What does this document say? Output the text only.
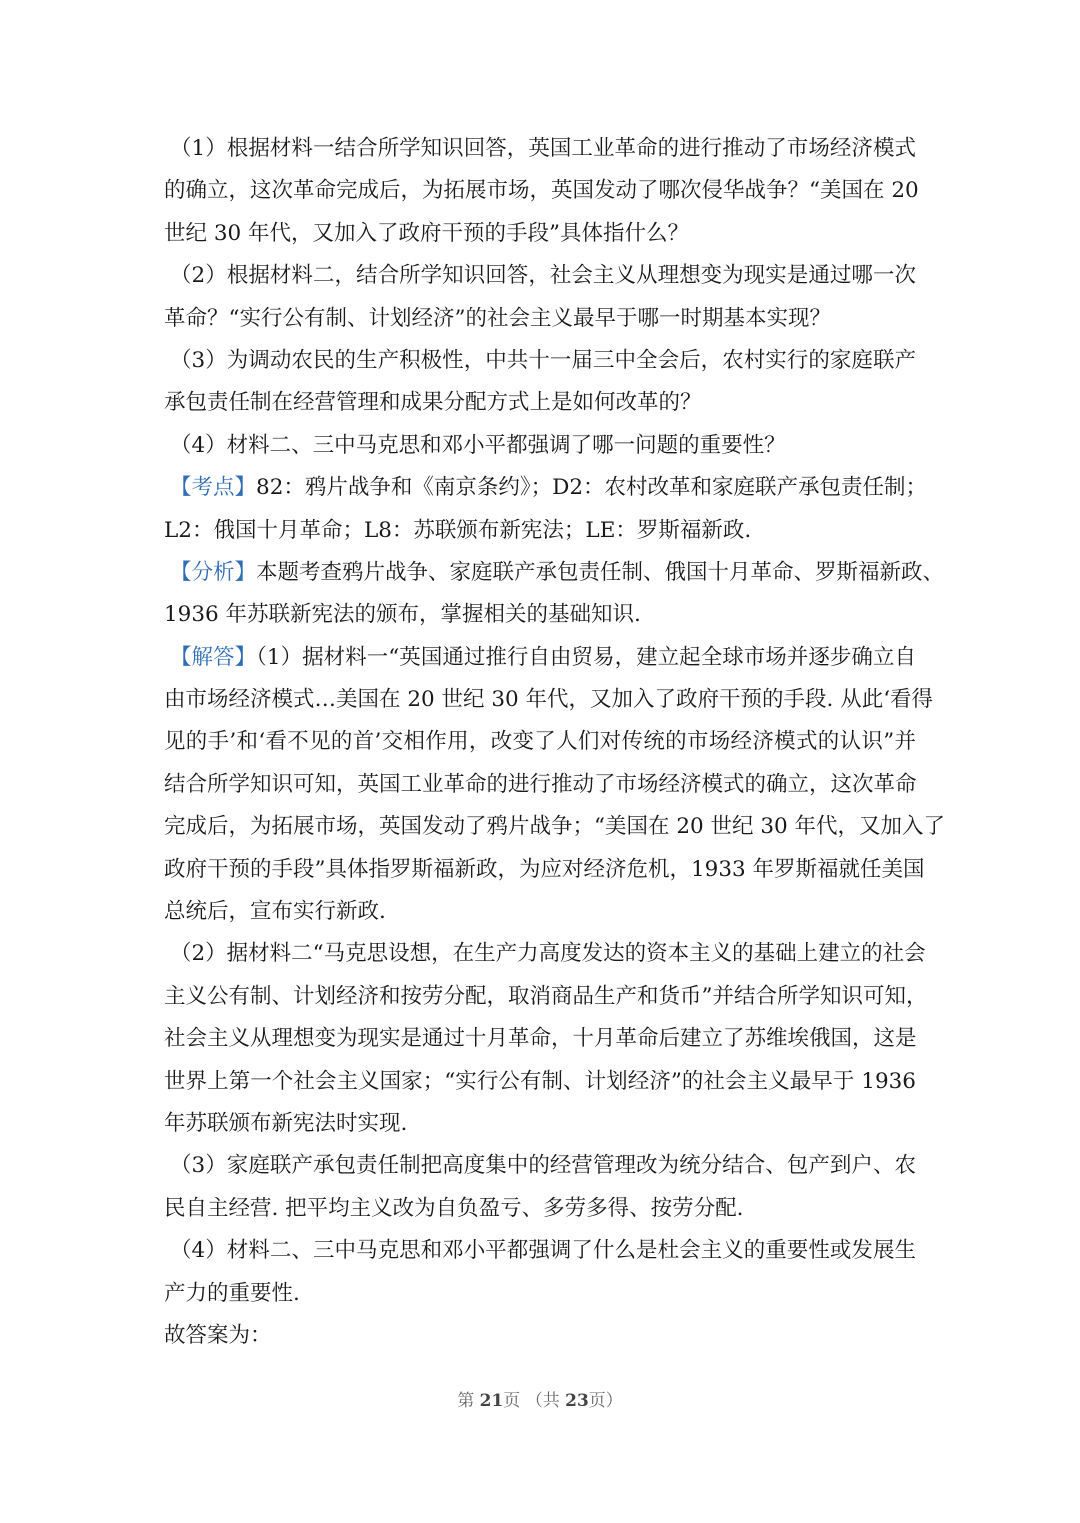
（1）根据材料一结合所学知识回答，英国工业革命的进行推动了市场经济模式
的确立，这次革命完成后，为拓展市场，英国发动了哪次侵华战争？“美国在 20
世纪 30 年代，又加入了政府干预的手段”具体指什么？
（2）根据材料二，结合所学知识回答，社会主义从理想变为现实是通过哪一次
革命？“实行公有制、计划经济”的社会主义最早于哪一时期基本实现？
（3）为调动农民的生产积极性，中共十一届三中全会后，农村实行的家庭联产
承包责任制在经营管理和成果分配方式上是如何改革的？
（4）材料二、三中马克思和邓小平都强调了哪一问题的重要性？
【考点】82：鸦片战争和《南京条约》；D2：农村改革和家庭联产承包责任制；
L2：俄国十月革命；L8：苏联颁布新宪法；LE：罗斯福新政.
【分析】本题考查鸦片战争、家庭联产承包责任制、俄国十月革命、罗斯福新政、
1936 年苏联新宪法的颁布，掌握相关的基础知识.
【解答】（1）据材料一“英国通过推行自由贸易，建立起全球市场并逐步确立自
由市场经济模式…美国在 20 世纪 30 年代，又加入了政府干预的手段. 从此‘看得
见的手’和‘看不见的首’交相作用，改变了人们对传统的市场经济模式的认识”并
结合所学知识可知，英国工业革命的进行推动了市场经济模式的确立，这次革命
完成后，为拓展市场，英国发动了鸦片战争；“美国在 20 世纪 30 年代，又加入了
政府干预的手段”具体指罗斯福新政，为应对经济危机，1933 年罗斯福就任美国
总统后，宣布实行新政.
（2）据材料二“马克思设想，在生产力高度发达的资本主义的基础上建立的社会
主义公有制、计划经济和按劳分配，取消商品生产和货币”并结合所学知识可知，
社会主义从理想变为现实是通过十月革命，十月革命后建立了苏维埃俄国，这是
世界上第一个社会主义国家；“实行公有制、计划经济”的社会主义最早于 1936
年苏联颁布新宪法时实现.
（3）家庭联产承包责任制把高度集中的经营管理改为统分结合、包产到户、农
民自主经营. 把平均主义改为自负盈亏、多劳多得、按劳分配.
（4）材料二、三中马克思和邓小平都强调了什么是杜会主义的重要性或发展生
产力的重要性.
故答案为：
第 21页 （共 23页）
